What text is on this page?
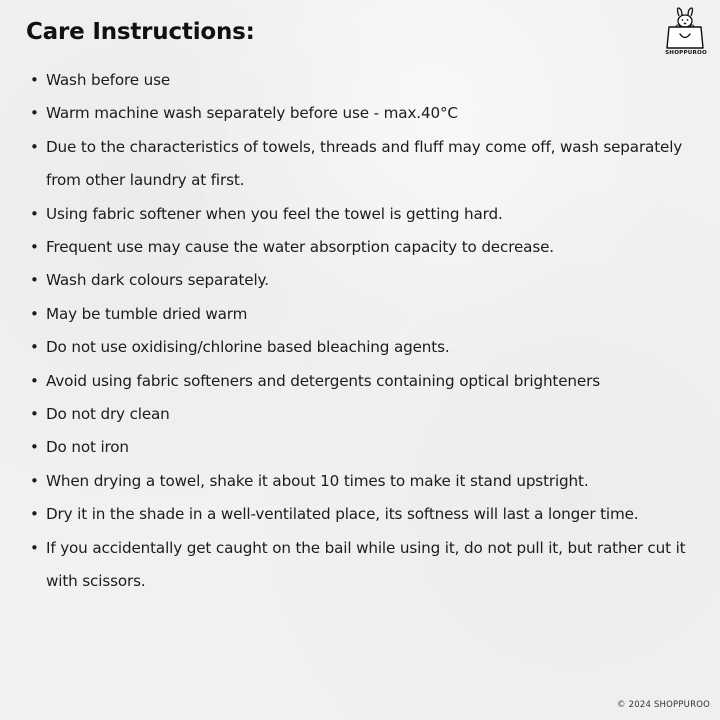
Care Instructions:
SHOPPUROO
• Wash before use
• Warm machine wash separately before use - max.40°C
• Due to the characteristics of towels, threads and fluff may come off, wash separately from other laundry at first.
• Using fabric softener when you feel the towel is getting hard.
• Frequent use may cause the water absorption capacity to decrease.
• Wash dark colours separately.
• May be tumble dried warm
• Do not use oxidising/chlorine based bleaching agents.
• Avoid using fabric softeners and detergents containing optical brighteners
• Do not dry clean
• Do not iron
• When drying a towel, shake it about 10 times to make it stand upstright.
• Dry it in the shade in a well-ventilated place, its softness will last a longer time.
• If you accidentally get caught on the bail while using it, do not pull it, but rather cut it with scissors.
© 2024 SHOPPUROO
